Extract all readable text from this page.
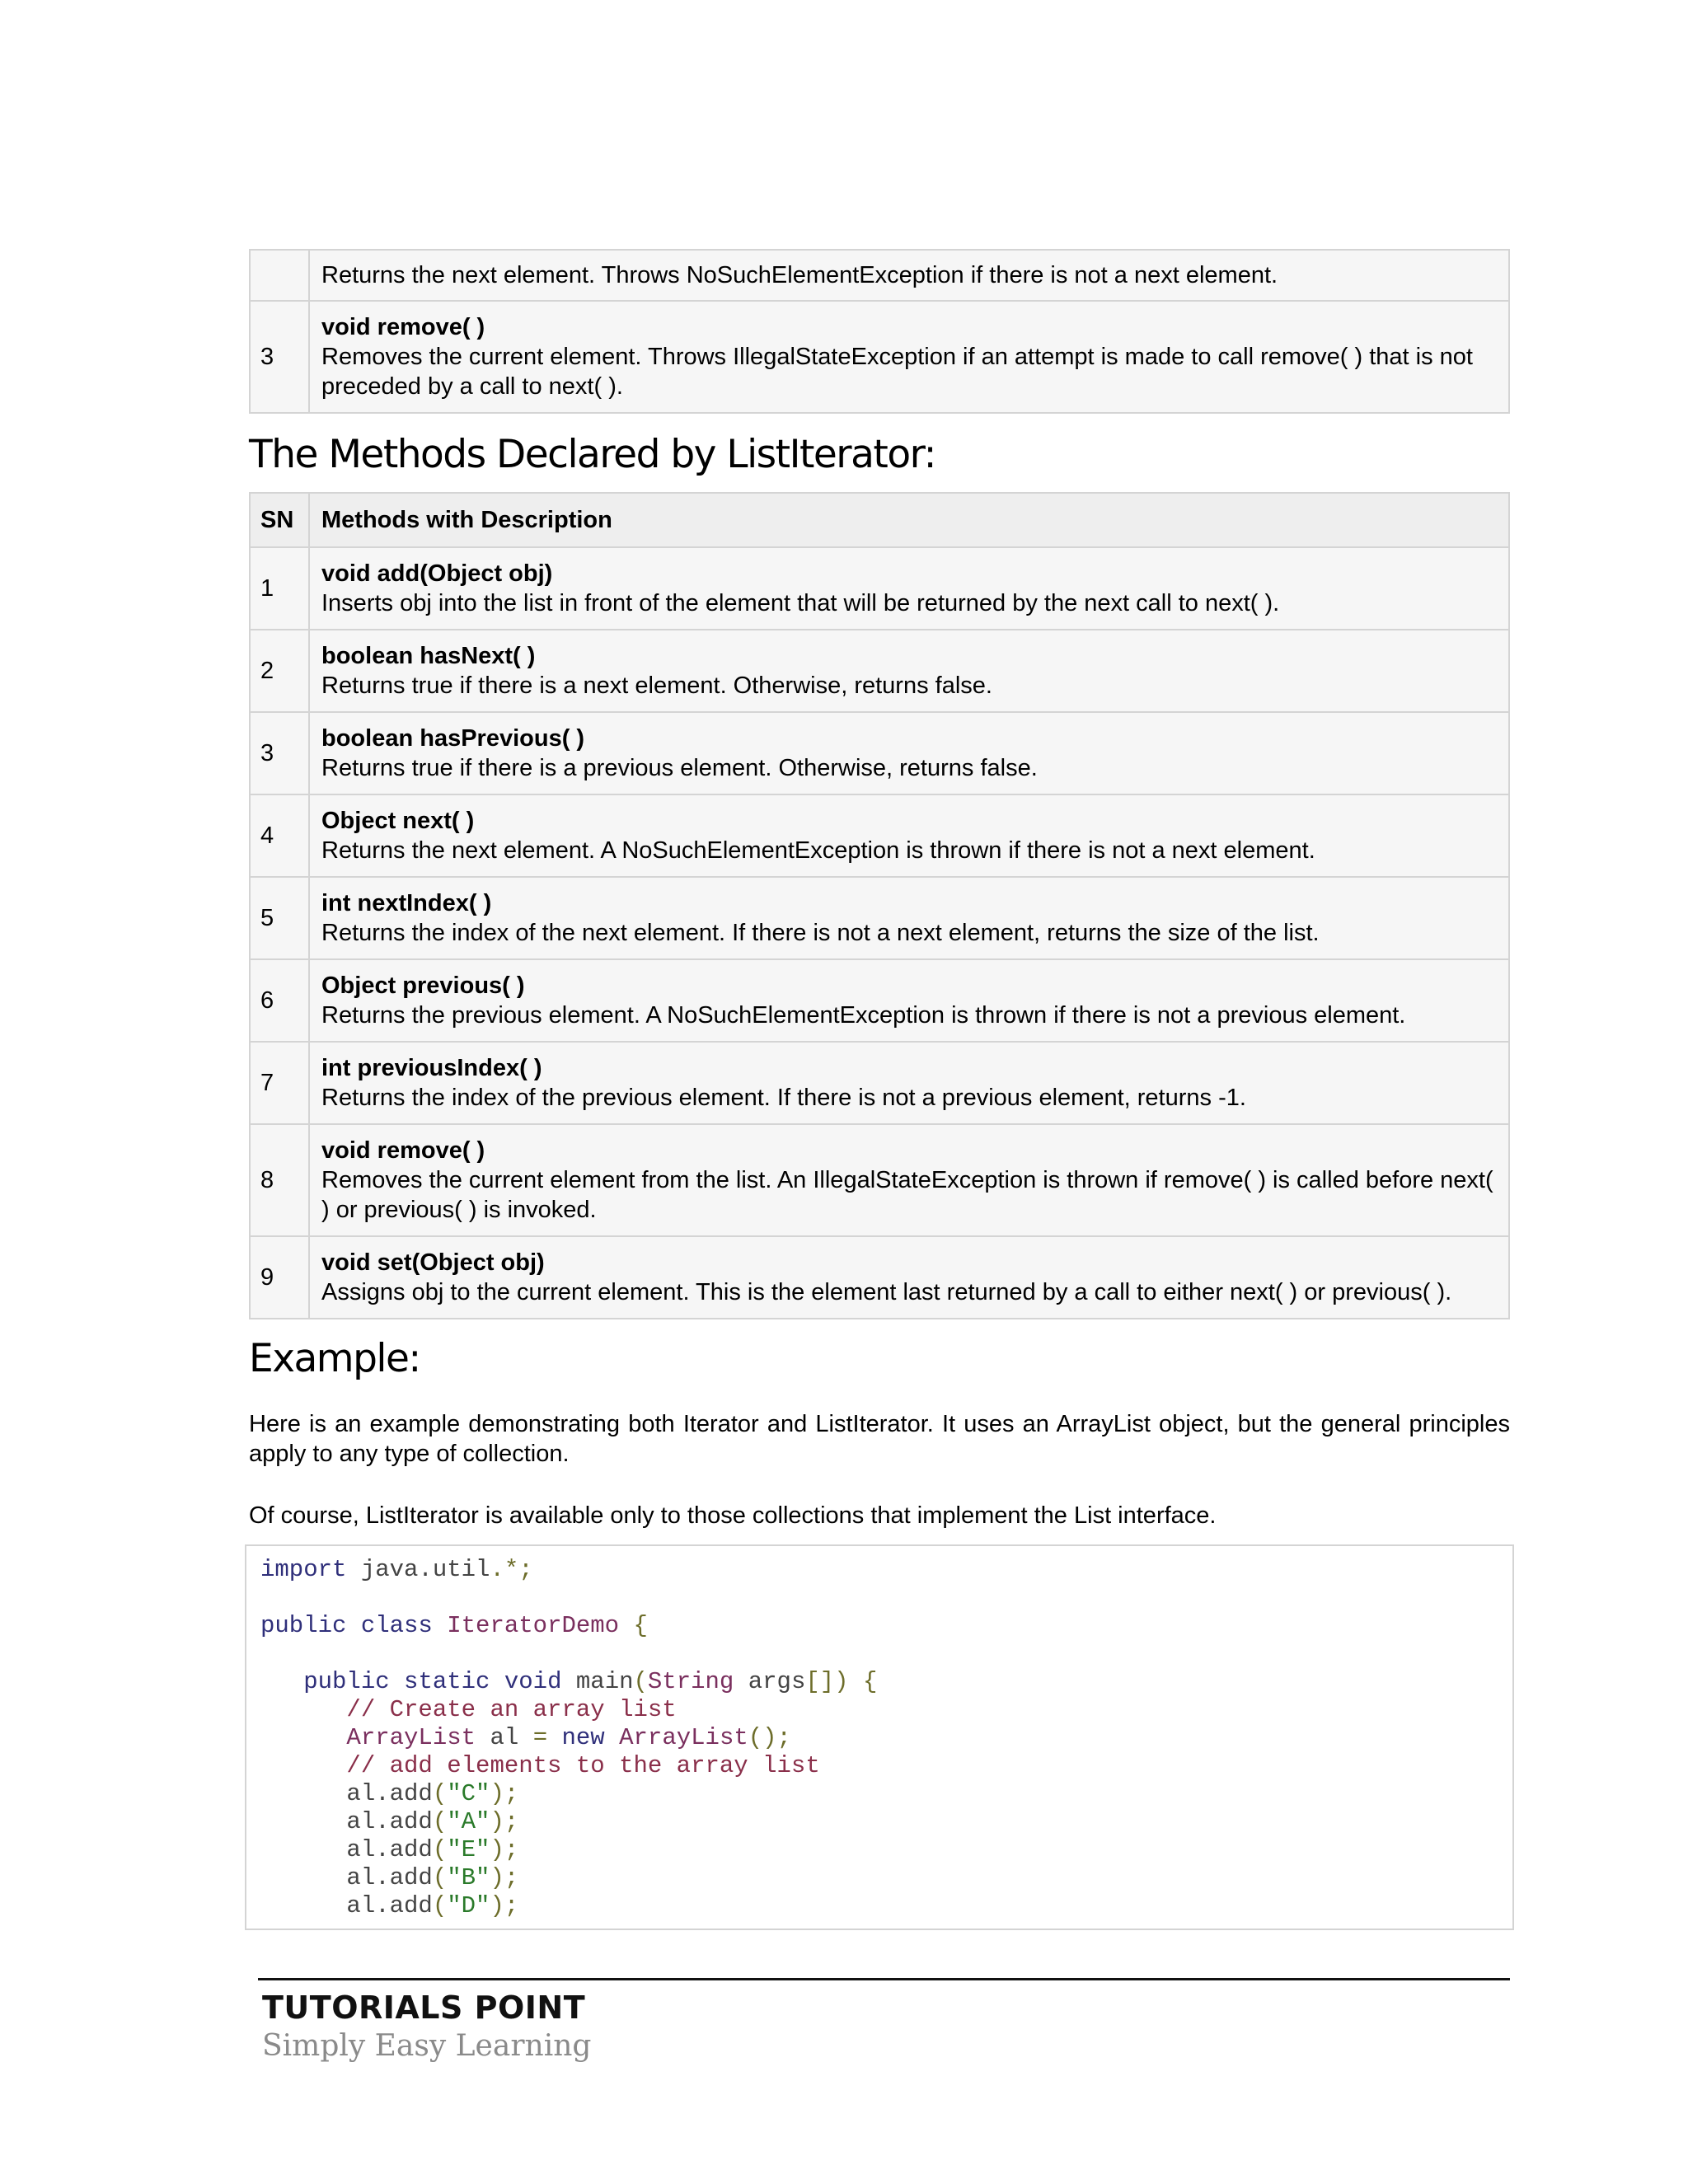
	Returns the next element. Throws NoSuchElementException if there is not a next element.

3	void remove( )
Removes the current element. Throws IllegalStateException if an attempt is made to call remove( ) that is not preceded by a call to next( ).
The Methods Declared by ListIterator:
SN	Methods with Description
1	void add(Object obj)
Inserts obj into the list in front of the element that will be returned by the next call to next( ).

2	boolean hasNext( )
Returns true if there is a next element. Otherwise, returns false.

3	boolean hasPrevious( )
Returns true if there is a previous element. Otherwise, returns false.

4	Object next( )
Returns the next element. A NoSuchElementException is thrown if there is not a next element.

5	int nextIndex( )
Returns the index of the next element. If there is not a next element, returns the size of the list.

6	Object previous( )
Returns the previous element. A NoSuchElementException is thrown if there is not a previous element.

7	int previousIndex( )
Returns the index of the previous element. If there is not a previous element, returns -1.

8	void remove( )
Removes the current element from the list. An IllegalStateException is thrown if remove( ) is called before next( ) or previous( ) is invoked.

9	void set(Object obj)
Assigns obj to the current element. This is the element last returned by a call to either next( ) or previous( ).
Example:

Here is an example demonstrating both Iterator and ListIterator. It uses an ArrayList object, but the general principles apply to any type of collection.

Of course, ListIterator is available only to those collections that implement the List interface.

import java.util.*;

public class IteratorDemo {

public static void main(String args[]) {
// Create an array list
ArrayList al = new ArrayList();
// add elements to the array list
al.add("C");
al.add("A");
al.add("E");
al.add("B");
al.add("D");
TUTORIALS POINT
Simply Easy Learning
